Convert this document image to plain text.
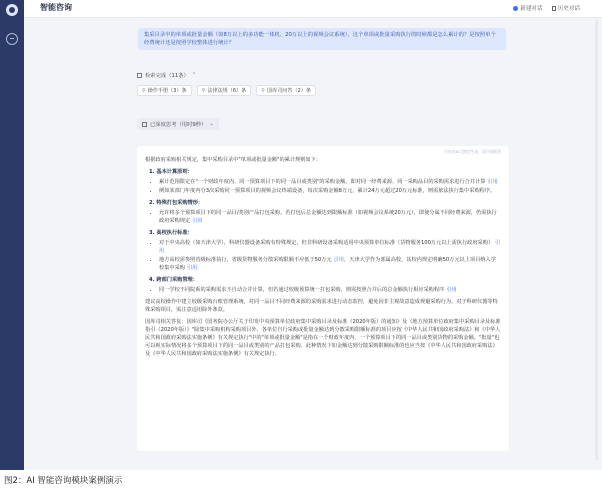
智能咨询	新建对话	历史对话
集采目录中的单项或批量金额（如8万以上的多功能一体机、20万以上的视频会议系统），这个单项或批量采购执行的时候都是怎么累计的？是按照单个经费统计还是按照学校整体进行统计？
检索完成（11条） ⌃
⚲ 操作手册（3）条	⚲ 法律法规（6）条	⚲ 国库司问答（2）条
已深度思考（用时9秒） ⌄
内容由AI大模型生成，请仔细甄别

根据政府采购相关规定，集中采购目录中"单项或批量金额"的累计规则如下：

1. 基本计算原则：
• 累计范围限定在"一个财政年度内、同一预算项目下的同一品目或类别"的采购金额。即对同一经费来源、同一采购品目的采购需求进行合并计算 引用
• 例如某部门年度内分3次采购同一预算项目的视频会议终端设备，每次采购金额8万元，累计24万元超过20万元标准，则需依法执行集中采购程序。
2. 特殊打包采购情形：
• 允许将多个预算项目下的同一品目/类别产品打包采购。若打包后总金额达到限额标准（如视频会议系统20万元），即使分属不同经费来源，仍需执行政府采购规定 引用
3. 高校执行标准：
• 对于中央高校（如天津大学），科研仪器设备采购有特殊规定，但非科研设备采购适用中央预算单位标准（货物服务100万元以上需执行政府采购） 引用
• 地方高校需参照省级标准执行，省级货物服务分散采购限额不应低于50万元 引用，天津大学作为部属高校，其校内规定明确50万元以上项目纳入学校集中采购 引用
4. 跨部门采购管理：
• 同一学校不同院系的采购需求不自动合并计算，但若通过校级预算统一打包采购，则需按照合并后的总金额执行相应采购程序 引用

建议高校操作中建立校级采购台账管理系统，对同一品目不同经费来源的采购需求进行动态监控，避免因非主观故意造成规避采购行为。对于科研仪器等特殊采购项目，需注意适用除外条款。

国库司相关答复：国库司《国务院办公厅关于印发中央预算单位政府集中采购目录及标准（2020年版）的通知》及《地方预算单位政府集中采购目录及标准指引（2020年版）》"除集中采购机构采购项目外，各单位自行采购或批量金额达到分散采购限额标准的项目应按《中华人民共和国政府采购法》和《中华人民共和国政府采购法实施条例》有关规定执行"中的"单项或批量金额"是指在一个财政年度内、一个预算项目下的同一品目或类别货物的采购金额。"批量"也可以视实际情况将多个预算项目下的同一品目或类别的产品打包采购。此种情况下如金额达到分散采购限额标准的也应当按《中华人民共和国政府采购法》及《中华人民共和国政府采购法实施条例》有关规定执行。

图2：AI 智能咨询模块案例演示
